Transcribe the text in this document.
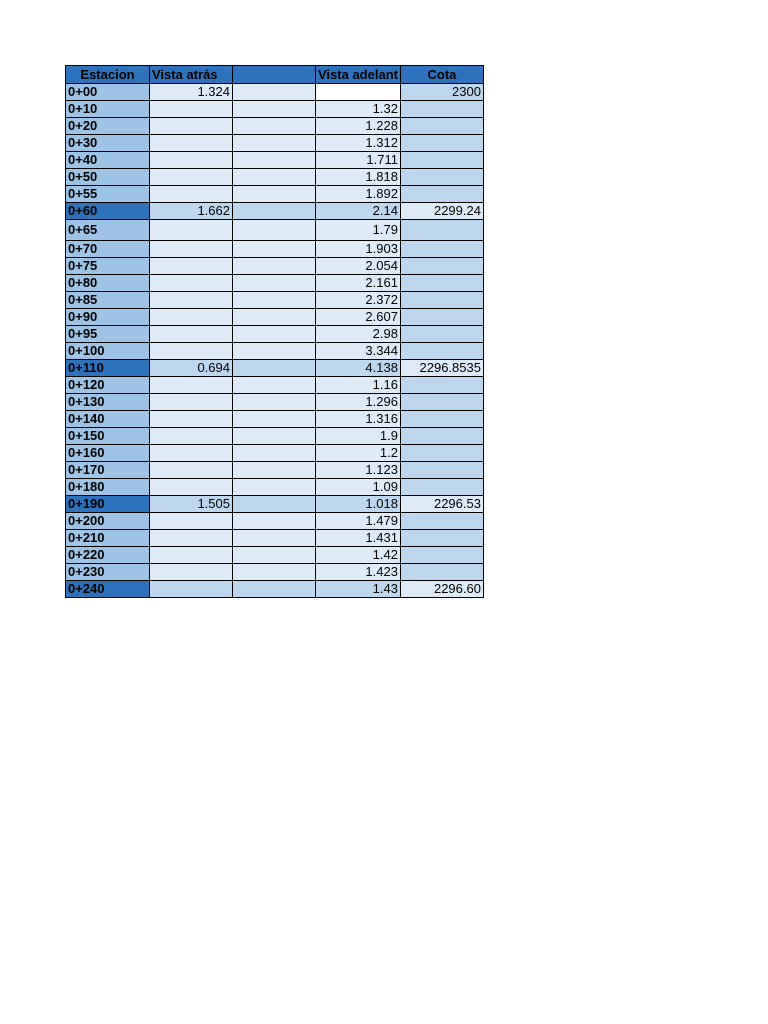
Estacion	Vista atrás		Vista adelant	Cota
0+00	1.324			2300
0+10			1.32	
0+20			1.228	
0+30			1.312	
0+40			1.711	
0+50			1.818	
0+55			1.892	
0+60	1.662		2.14	2299.24
0+65			1.79	
0+70			1.903	
0+75			2.054	
0+80			2.161	
0+85			2.372	
0+90			2.607	
0+95			2.98	
0+100			3.344	
0+110	0.694		4.138	2296.8535
0+120			1.16	
0+130			1.296	
0+140			1.316	
0+150			1.9	
0+160			1.2	
0+170			1.123	
0+180			1.09	
0+190	1.505		1.018	2296.53
0+200			1.479	
0+210			1.431	
0+220			1.42	
0+230			1.423	
0+240			1.43	2296.60
